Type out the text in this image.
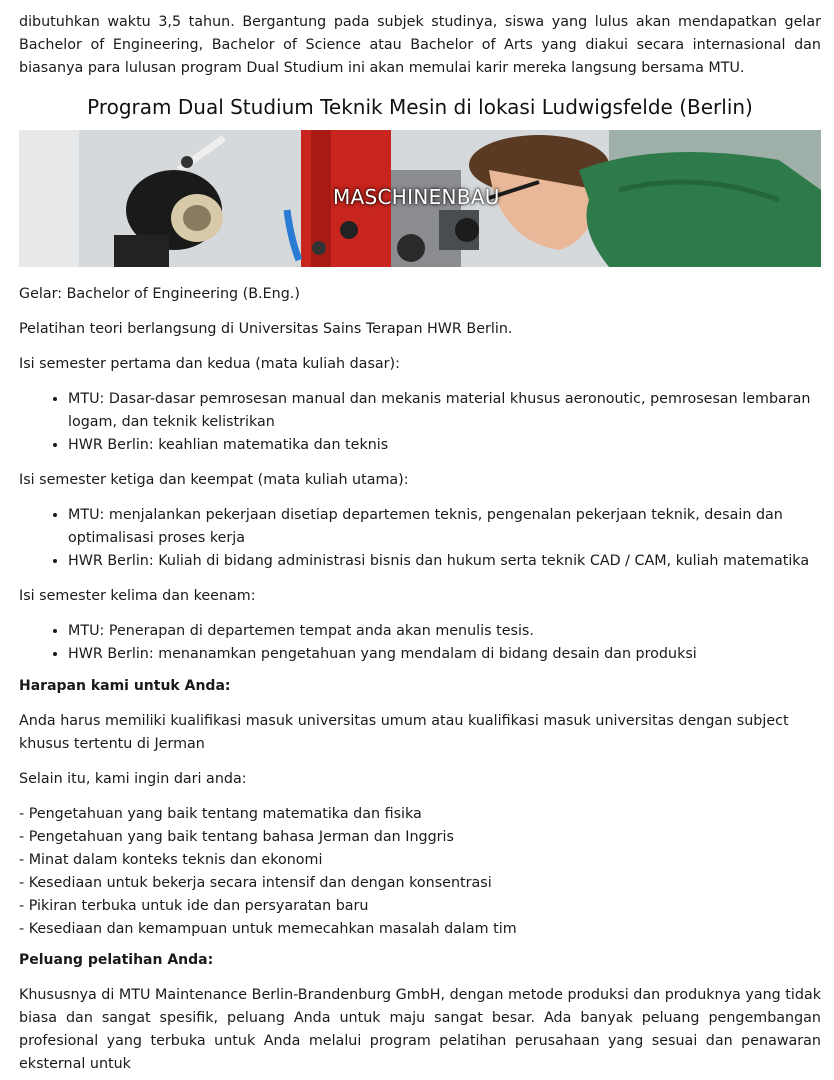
dibutuhkan waktu 3,5 tahun. Bergantung pada subjek studinya, siswa yang lulus akan mendapatkan gelar Bachelor of Engineering, Bachelor of Science atau Bachelor of Arts yang diakui secara internasional dan biasanya para lulusan program Dual Studium ini akan memulai karir mereka langsung bersama MTU.

Program Dual Studium Teknik Mesin di lokasi Ludwigsfelde (Berlin)
MASCHINENBAU

Gelar: Bachelor of Engineering (B.Eng.)

Pelatihan teori berlangsung di Universitas Sains Terapan HWR Berlin.

Isi semester pertama dan kedua (mata kuliah dasar):

• MTU: Dasar-dasar pemrosesan manual dan mekanis material khusus aeronoutic, pemrosesan lembaran logam, dan teknik kelistrikan
• HWR Berlin: keahlian matematika dan teknis

Isi semester ketiga dan keempat (mata kuliah utama):

• MTU: menjalankan pekerjaan disetiap departemen teknis, pengenalan pekerjaan teknik, desain dan optimalisasi proses kerja
• HWR Berlin: Kuliah di bidang administrasi bisnis dan hukum serta teknik CAD / CAM, kuliah matematika

Isi semester kelima dan keenam:

• MTU: Penerapan di departemen tempat anda akan menulis tesis.
• HWR Berlin: menanamkan pengetahuan yang mendalam di bidang desain dan produksi

Harapan kami untuk Anda:

Anda harus memiliki kualifikasi masuk universitas umum atau kualifikasi masuk universitas dengan subject khusus tertentu di Jerman

Selain itu, kami ingin dari anda:

- Pengetahuan yang baik tentang matematika dan fisika

- Pengetahuan yang baik tentang bahasa Jerman dan Inggris

- Minat dalam konteks teknis dan ekonomi

- Kesediaan untuk bekerja secara intensif dan dengan konsentrasi

- Pikiran terbuka untuk ide dan persyaratan baru

- Kesediaan dan kemampuan untuk memecahkan masalah dalam tim

Peluang pelatihan Anda:

Khususnya di MTU Maintenance Berlin-Brandenburg GmbH, dengan metode produksi dan produknya yang tidak biasa dan sangat spesifik, peluang Anda untuk maju sangat besar. Ada banyak peluang pengembangan profesional yang terbuka untuk Anda melalui program pelatihan perusahaan yang sesuai dan penawaran eksternal untuk
